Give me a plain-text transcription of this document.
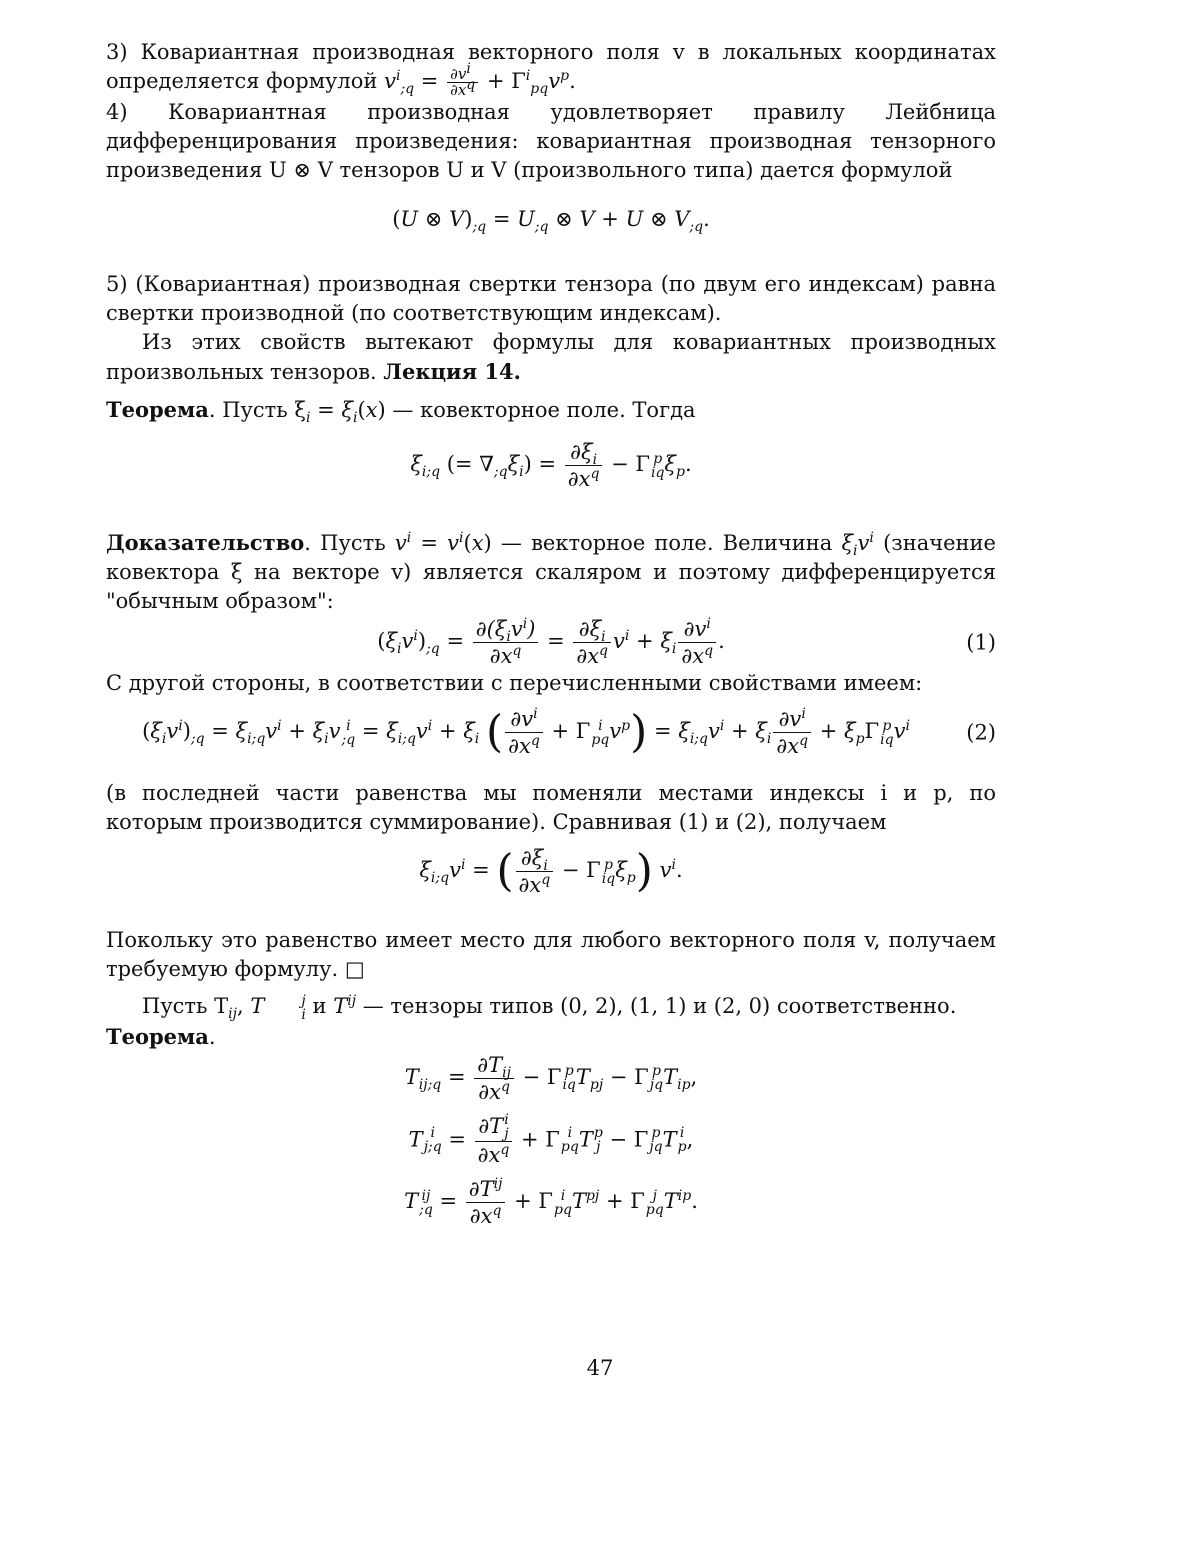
3) Ковариантная производная векторного поля v в локальных координатах определяется формулой vi;q = ∂vi
∂xq + Γipqvp.

4) Ковариантная производная удовлетворяет правилу Лейбница дифференцирования произведения: ковариантная производная тензорного произведения U ⊗ V тензоров U и V (произвольного типа) дается формулой

(U ⊗ V);q = U;q ⊗ V + U ⊗ V;q.

5) (Ковариантная) производная свертки тензора (по двум его индексам) равна свертки производной (по соответствующим индексам).

Из этих свойств вытекают формулы для ковариантных производных произвольных тензоров. Лекция 14.

Теорема. Пусть ξi = ξi(x) — ковекторное поле. Тогда

ξi;q (= ∇;qξi) = ∂ξi
∂xq − Γ p
iq ξp.

Доказательство. Пусть vi = vi(x) — векторное поле. Величина ξivi (значение ковектора ξ на векторе v) является скаляром и поэтому дифференцируется "обычным образом":

(ξivi);q = ∂(ξivi)
∂xq = ∂ξi
∂xq vi + ξi
∂vi
∂xq .	(1)

С другой стороны, в соответствии с перечисленными свойствами имеем:

(ξivi);q = ξi;qvi + ξiv i
;q = ξi;qvi + ξi ( ∂vi
∂xq + Γ i
pq vp) = ξi;qvi + ξi
∂vi
∂xq + ξpΓ p
iq vi	(2)

(в последней части равенства мы поменяли местами индексы i и p, по которым производится суммирование). Сравнивая (1) и (2), получаем

ξi;qvi = ( ∂ξi
∂xq − Γ p
iq ξp) vi.

Покольку это равенство имеет место для любого векторного поля v, получаем требуемую формулу. □

Пусть Tij, T	j
i и Tij — тензоры типов (0, 2), (1, 1) и (2, 0) соответственно.

Теорема.

Tij;q = ∂Tij
∂xq − Γ p
iq Tpj − Γ p
jq Tip,

T i
j;q =
∂T i
j
∂xq + Γ i
pq T p
j − Γ p
jq T i
p ,

T ij
;q = ∂Tij
∂xq + Γ i
pq Tpj + Γ j
pq Tip.

47
